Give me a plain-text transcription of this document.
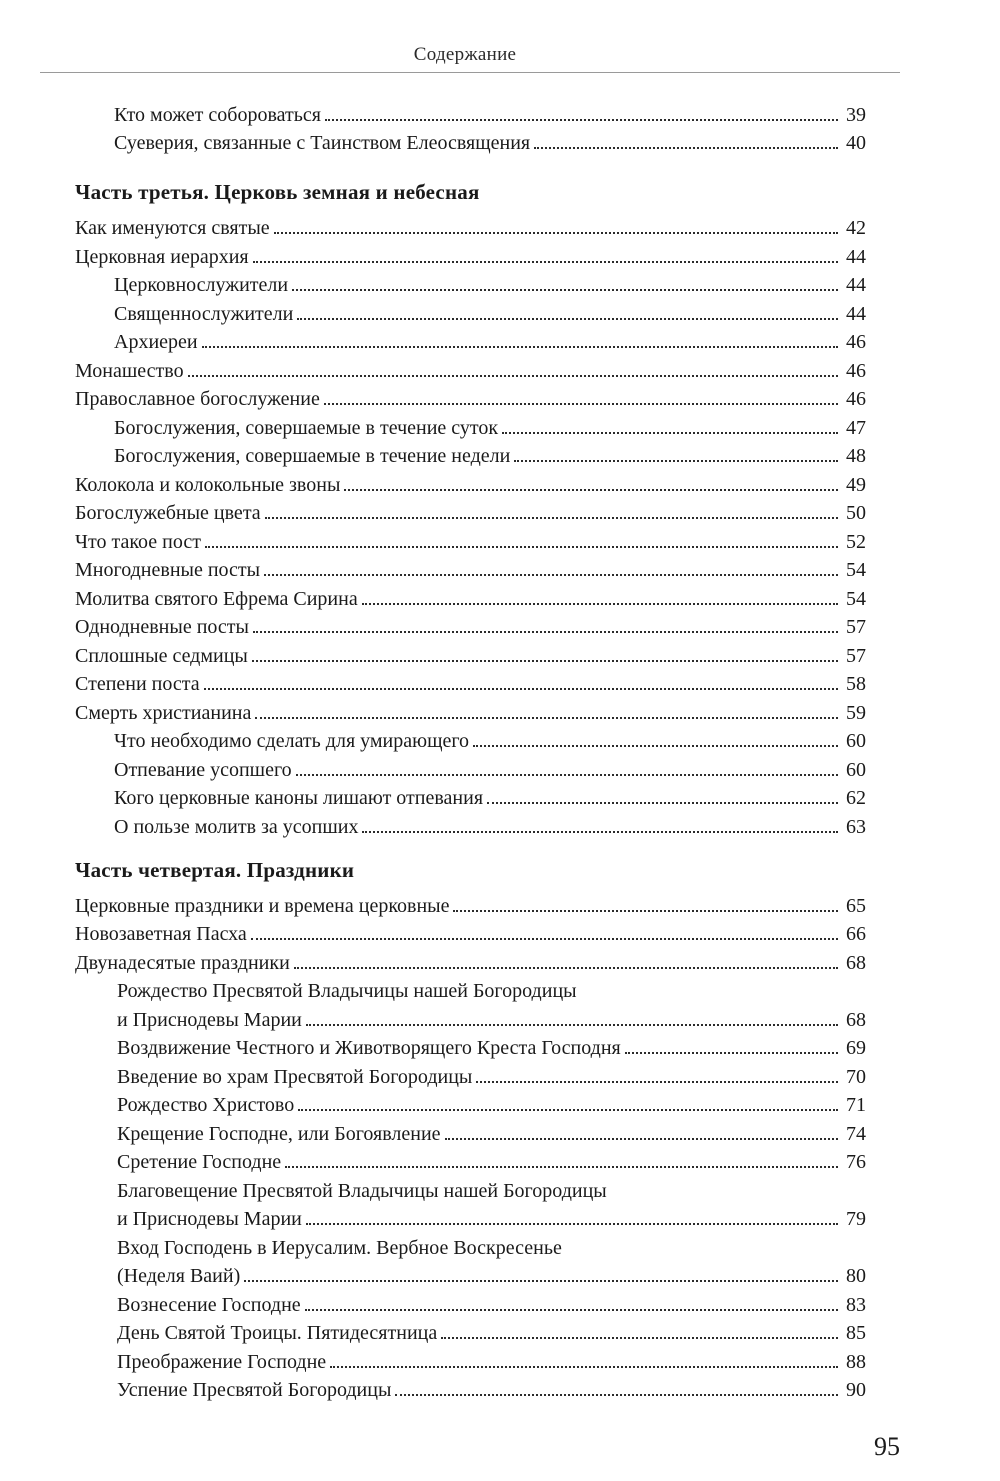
Содержание
Кто может собороваться	39
Суеверия, связанные с Таинством Елеосвящения	40
Часть третья. Церковь земная и небесная
Как именуются святые	42
Церковная иерархия	44
Церковнослужители	44
Священнослужители	44
Архиереи	46
Монашество	46
Православное богослужение	46
Богослужения, совершаемые в течение суток	47
Богослужения, совершаемые в течение недели	48
Колокола и колокольные звоны	49
Богослужебные цвета	50
Что такое пост	52
Многодневные посты	54
Молитва святого Ефрема Сирина	54
Однодневные посты	57
Сплошные седмицы	57
Степени поста	58
Смерть христианина	59
Что необходимо сделать для умирающего	60
Отпевание усопшего	60
Кого церковные каноны лишают отпевания	62
О пользе молитв за усопших	63
Часть четвертая. Праздники
Церковные праздники и времена церковные	65
Новозаветная Пасха	66
Двунадесятые праздники	68
Рождество Пресвятой Владычицы нашей Богородицы
и Приснодевы Марии	68
Воздвижение Честного и Животворящего Креста Господня	69
Введение во храм Пресвятой Богородицы	70
Рождество Христово	71
Крещение Господне, или Богоявление	74
Сретение Господне	76
Благовещение Пресвятой Владычицы нашей Богородицы
и Приснодевы Марии	79
Вход Господень в Иерусалим. Вербное Воскресенье
(Неделя Ваий)	80
Вознесение Господне	83
День Святой Троицы. Пятидесятница	85
Преображение Господне	88
Успение Пресвятой Богородицы	90
95
